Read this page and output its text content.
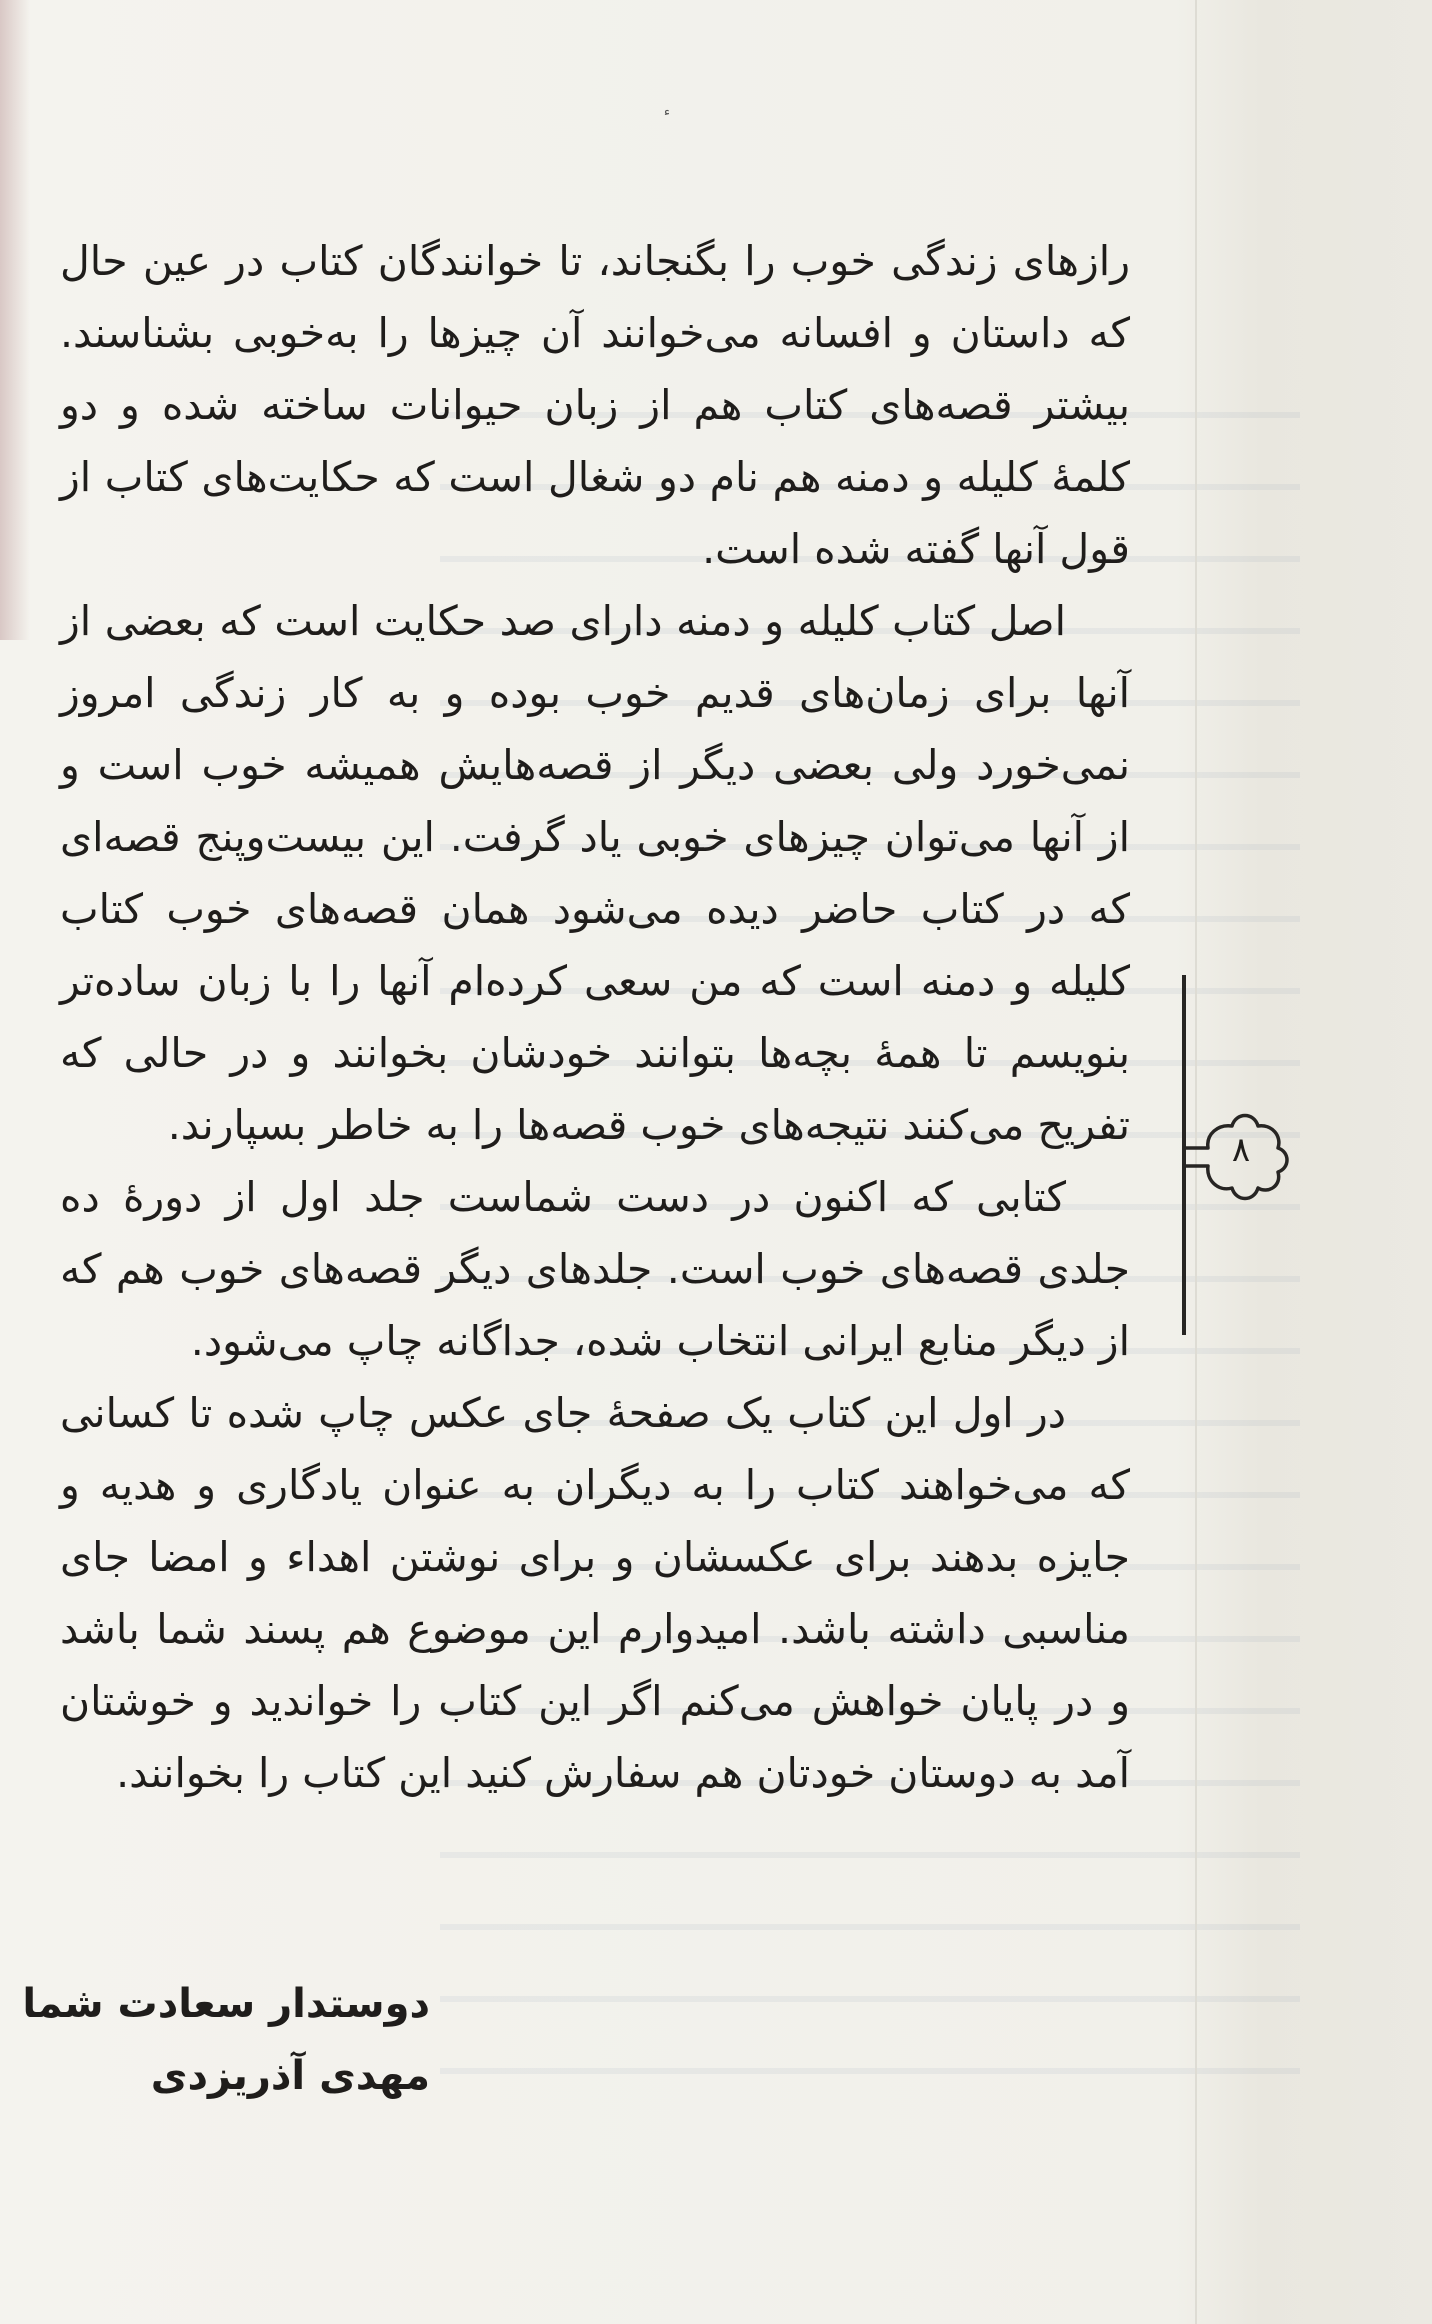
رازهای زندگی خوب را بگنجاند، تا خوانندگان کتاب در عین حال که داستان و افسانه می‌خوانند آن چیزها را به‌خوبی بشناسند. بیشتر قصه‌های کتاب هم از زبان حیوانات ساخته شده و دو کلمهٔ کلیله و دمنه هم نام دو شغال است که حکایت‌های کتاب از قول آنها گفته شده است.

اصل کتاب کلیله و دمنه دارای صد حکایت است که بعضی از آنها برای زمان‌های قدیم خوب بوده و به کار زندگی امروز نمی‌خورد ولی بعضی دیگر از قصه‌هایش همیشه خوب است و از آنها می‌توان چیزهای خوبی یاد گرفت. این بیست‌وپنج قصه‌ای که در کتاب حاضر دیده می‌شود همان قصه‌های خوب کتاب کلیله و دمنه است که من سعی کرده‌ام آنها را با زبان ساده‌تر بنویسم تا همهٔ بچه‌ها بتوانند خودشان بخوانند و در حالی که تفریح می‌کنند نتیجه‌های خوب قصه‌ها را به خاطر بسپارند.

کتابی که اکنون در دست شماست جلد اول از دورهٔ ده جلدی قصه‌های خوب است. جلدهای دیگر قصه‌های خوب هم که از دیگر منابع ایرانی انتخاب شده، جداگانه چاپ می‌شود.

در اول این کتاب یک صفحهٔ جای عکس چاپ شده تا کسانی که می‌خواهند کتاب را به دیگران به عنوان یادگاری و هدیه و جایزه بدهند برای عکسشان و برای نوشتن اهداء و امضا جای مناسبی داشته باشد. امیدوارم این موضوع هم پسند شما باشد و در پایان خواهش می‌کنم اگر این کتاب را خواندید و خوشتان آمد به دوستان خودتان هم سفارش کنید این کتاب را بخوانند.

دوستدار سعادت شما
مهدی آذریزدی
۸
